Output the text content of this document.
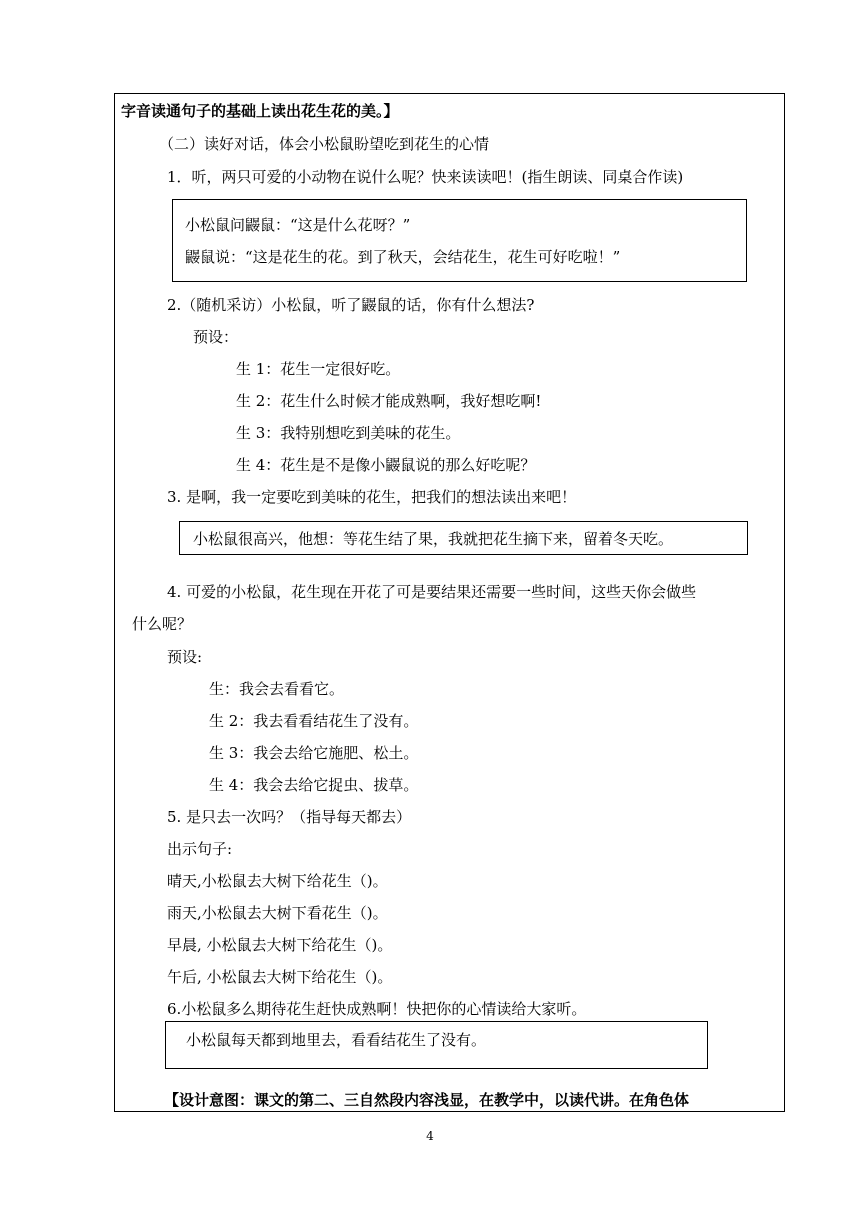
字音读通句子的基础上读出花生花的美。】
（二）读好对话，体会小松鼠盼望吃到花生的心情
1．听，两只可爱的小动物在说什么呢？快来读读吧！(指生朗读、同桌合作读)
小松鼠问鼹鼠：“这是什么花呀？”
鼹鼠说：“这是花生的花。到了秋天，会结花生，花生可好吃啦！”
2.（随机采访）小松鼠，听了鼹鼠的话，你有什么想法?
预设：
生 1：花生一定很好吃。
生 2：花生什么时候才能成熟啊，我好想吃啊!
生 3：我特别想吃到美味的花生。
生 4：花生是不是像小鼹鼠说的那么好吃呢？
3. 是啊，我一定要吃到美味的花生，把我们的想法读出来吧！
小松鼠很高兴，他想：等花生结了果，我就把花生摘下来，留着冬天吃。
4. 可爱的小松鼠，花生现在开花了可是要结果还需要一些时间，这些天你会做些
什么呢？
预设:
生：我会去看看它。
生 2：我去看看结花生了没有。
生 3：我会去给它施肥、松土。
生 4：我会去给它捉虫、拔草。
5. 是只去一次吗？（指导每天都去）
出示句子:
晴天,小松鼠去大树下给花生（)。
雨天,小松鼠去大树下看花生（)。
早晨, 小松鼠去大树下给花生（)。
午后, 小松鼠去大树下给花生（)。
6.小松鼠多么期待花生赶快成熟啊！快把你的心情读给大家听。
小松鼠每天都到地里去，看看结花生了没有。
【设计意图：课文的第二、三自然段内容浅显，在教学中，以读代讲。在角色体
4
